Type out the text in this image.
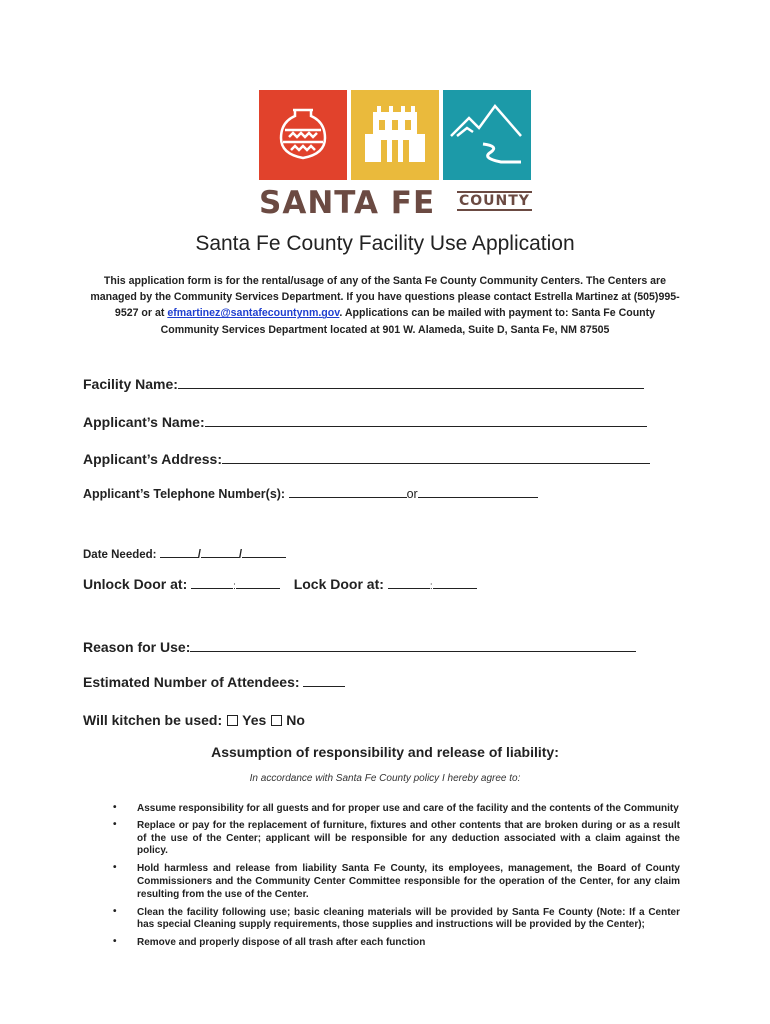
SANTA FE COUNTY
Santa Fe County Facility Use Application
This application form is for the rental/usage of any of the Santa Fe County Community Centers. The Centers are managed by the Community Services Department. If you have questions please contact Estrella Martinez at (505)995-9527 or at efmartinez@santafecountynm.gov. Applications can be mailed with payment to: Santa Fe County Community Services Department located at 901 W. Alameda, Suite D, Santa Fe, NM 87505
Facility Name:
Applicant’s Name:
Applicant’s Address:
Applicant’s Telephone Number(s):	or
Date Needed:	/	/
Unlock Door at:	:	Lock Door at:	:
Reason for Use:
Estimated Number of Attendees:
Will kitchen be used: Yes No
Assumption of responsibility and release of liability:
In accordance with Santa Fe County policy I hereby agree to:
• Assume responsibility for all guests and for proper use and care of the facility and the contents of the Community
• Replace or pay for the replacement of furniture, fixtures and other contents that are broken during or as a result of the use of the Center; applicant will be responsible for any deduction associated with a claim against the policy.
• Hold harmless and release from liability Santa Fe County, its employees, management, the Board of County Commissioners and the Community Center Committee responsible for the operation of the Center, for any claim resulting from the use of the Center.
• Clean the facility following use; basic cleaning materials will be provided by Santa Fe County (Note: If a Center has special Cleaning supply requirements, those supplies and instructions will be provided by the Center);
• Remove and properly dispose of all trash after each function
